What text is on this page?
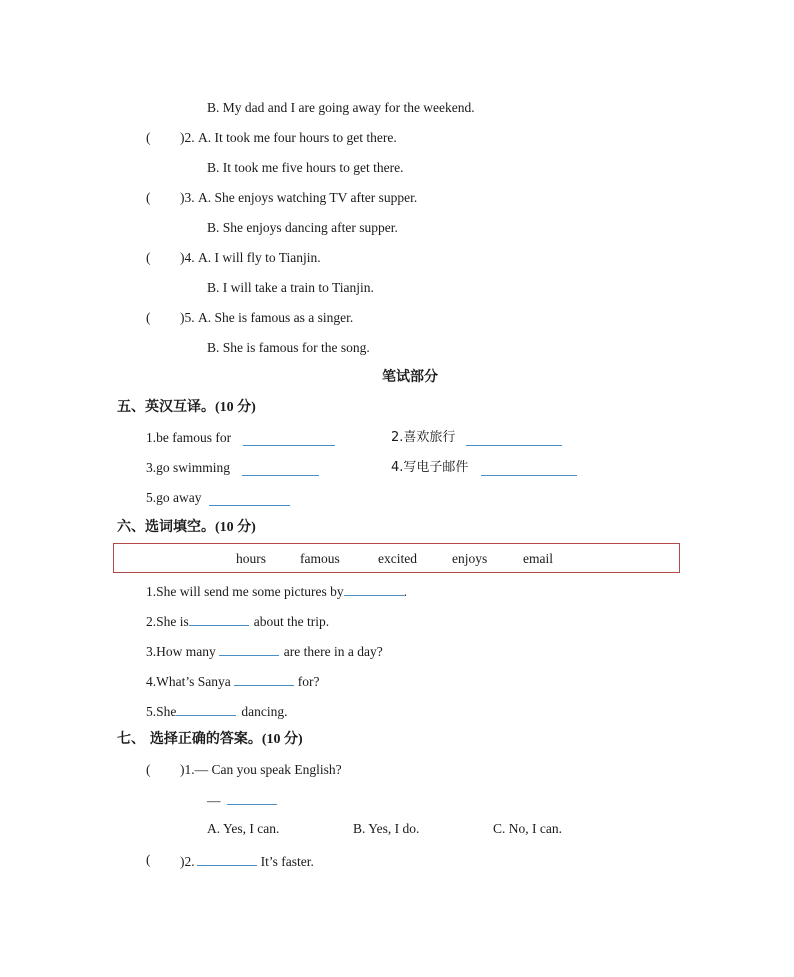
B. My dad and I are going away for the weekend.
( )2. A. It took me four hours to get there.
B. It took me five hours to get there.
( )3. A. She enjoys watching TV after supper.
B. She enjoys dancing after supper.
( )4. A. I will fly to Tianjin.
B. I will take a train to Tianjin.
( )5. A. She is famous as a singer.
B. She is famous for the song.
笔试部分
五、英汉互译。(10 分)
1.be famous for	2.喜欢旅行
3.go swimming	4.写电子邮件
5.go away
六、选词填空。(10 分)
hours	famous	excited	enjoys	email
1.She will send me some pictures by	.
2.She is	about the trip.
3.How many	are there in a day?
4.What’s Sanya	for?
5.She	dancing.
七、 选择正确的答案。(10 分)
( )1.— Can you speak English?
—
A. Yes, I can.	B. Yes, I do.	C. No, I can.
( )2.	It’s faster.
